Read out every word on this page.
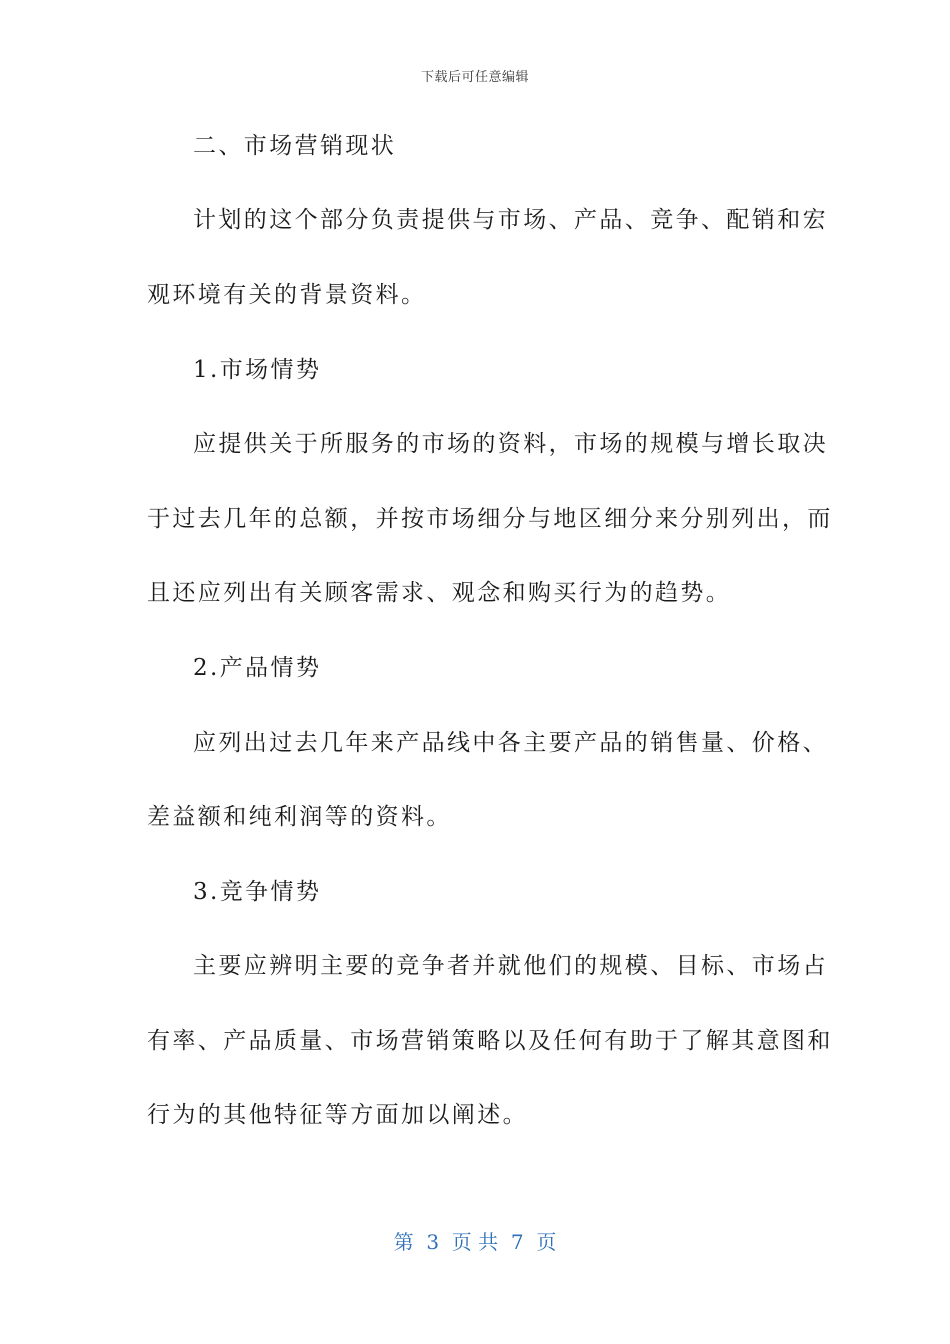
下载后可任意编辑
二、市场营销现状
计划的这个部分负责提供与市场、产品、竞争、配销和宏
观环境有关的背景资料。
1.市场情势
应提供关于所服务的市场的资料，市场的规模与增长取决
于过去几年的总额，并按市场细分与地区细分来分别列出，而
且还应列出有关顾客需求、观念和购买行为的趋势。
2.产品情势
应列出过去几年来产品线中各主要产品的销售量、价格、
差益额和纯利润等的资料。
3.竞争情势
主要应辨明主要的竞争者并就他们的规模、目标、市场占
有率、产品质量、市场营销策略以及任何有助于了解其意图和
行为的其他特征等方面加以阐述。
第  3  页 共  7  页
